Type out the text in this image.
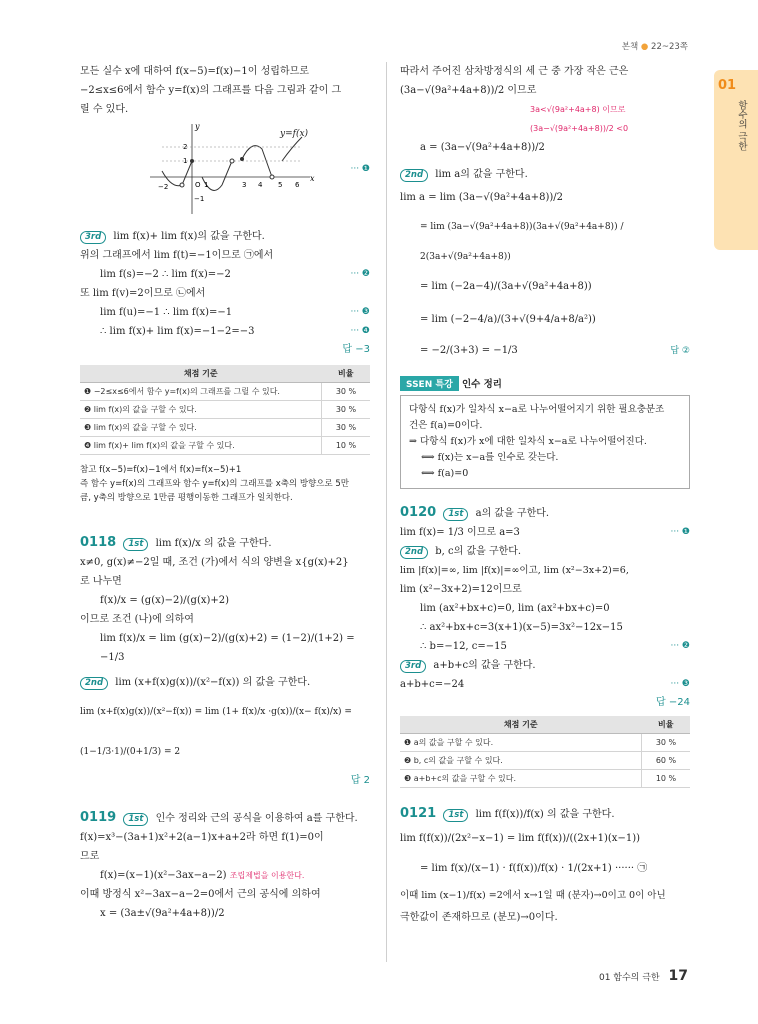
본책 ● 22~23쪽
01
함수의 극한

모든 실수 x에 대하여 f(x−5)=f(x)−1이 성립하므로

−2≤x≤6에서 함수 y=f(x)의 그래프를 다음 그림과 같이 그

릴 수 있다.

x
y
−2	O 1	3 4 5 6
2
1
−1
y=f(x)
··· ❶

3rd lim f(x)+ lim f(x)의 값을 구한다.

위의 그래프에서 lim f(t)=−1이므로 ㉠에서

··· ❷
lim f(s)=−2 ∴ lim f(x)=−2

또 lim f(v)=2이므로 ㉡에서

··· ❸
lim f(u)=−1 ∴ lim f(x)=−1

··· ❹
∴ lim f(x)+ lim f(x)=−1−2=−3

답 −3
채점 기준	비율
❶ −2≤x≤6에서 함수 y=f(x)의 그래프를 그릴 수 있다.	30 %
❷ lim f(x)의 값을 구할 수 있다.	30 %
❸ lim f(x)의 값을 구할 수 있다.	30 %
❹ lim f(x)+ lim f(x)의 값을 구할 수 있다.	10 %
참고 f(x−5)=f(x)−1에서 f(x)=f(x−5)+1
즉 함수 y=f(x)의 그래프와 함수 y=f(x)의 그래프를 x축의 방향으로 5만
큼, y축의 방향으로 1만큼 평행이동한 그래프가 일치한다.

0118 1st lim f(x)/x 의 값을 구한다.

x≠0, g(x)≠−2일 때, 조건 (가)에서 식의 양변을 x{g(x)+2}

로 나누면

f(x)/x = (g(x)−2)/(g(x)+2)

이므로 조건 (나)에 의하여

lim f(x)/x = lim (g(x)−2)/(g(x)+2) = (1−2)/(1+2) = −1/3

2nd lim (x+f(x)g(x))/(x²−f(x)) 의 값을 구한다.

lim (x+f(x)g(x))/(x²−f(x)) = lim (1+ f(x)/x ·g(x))/(x− f(x)/x) = (1−1/3·1)/(0+1/3) = 2

답 2

0119 1st 인수 정리와 근의 공식을 이용하여 a를 구한다.

f(x)=x³−(3a+1)x²+2(a−1)x+a+2라 하면 f(1)=0이

므로

f(x)=(x−1)(x²−3ax−a−2) 조립제법을 이용한다.

이때 방정식 x²−3ax−a−2=0에서 근의 공식에 의하여

x = (3a±√(9a²+4a+8))/2

따라서 주어진 삼차방정식의 세 근 중 가장 작은 근은

(3a−√(9a²+4a+8))/2 이므로

3a<√(9a²+4a+8) 이므로

(3a−√(9a²+4a+8))/2 <0

a = (3a−√(9a²+4a+8))/2

2nd lim a의 값을 구한다.

lim a = lim (3a−√(9a²+4a+8))/2

= lim (3a−√(9a²+4a+8))(3a+√(9a²+4a+8)) / 2(3a+√(9a²+4a+8))

= lim (−2a−4)/(3a+√(9a²+4a+8))

= lim (−2−4/a)/(3+√(9+4/a+8/a²))

답 ②
= −2/(3+3) = −1/3

SSEN 특강 인수 정리
다항식 f(x)가 일차식 x−a로 나누어떨어지기 위한 필요충분조
건은 f(a)=0이다.
⇒ 다항식 f(x)가 x에 대한 일차식 x−a로 나누어떨어진다.
⟺ f(x)는 x−a를 인수로 갖는다.
⟺ f(a)=0

0120 1st a의 값을 구한다.

··· ❶
lim f(x)= 1/3 이므로 a=3

2nd b, c의 값을 구한다.

lim |f(x)|=∞, lim |f(x)|=∞이고, lim (x²−3x+2)=6,

lim (x²−3x+2)=12이므로

lim (ax²+bx+c)=0, lim (ax²+bx+c)=0

∴ ax²+bx+c=3(x+1)(x−5)=3x²−12x−15

··· ❷
∴ b=−12, c=−15

3rd a+b+c의 값을 구한다.

··· ❸
a+b+c=−24

답 −24
채점 기준	비율
❶ a의 값을 구할 수 있다.	30 %
❷ b, c의 값을 구할 수 있다.	60 %
❸ a+b+c의 값을 구할 수 있다.	10 %

0121 1st lim f(f(x))/f(x) 의 값을 구한다.

lim f(f(x))/(2x²−x−1) = lim f(f(x))/((2x+1)(x−1))

= lim f(x)/(x−1) · f(f(x))/f(x) · 1/(2x+1) ······ ㉠

이때 lim (x−1)/f(x) =2에서 x→1일 때 (분자)→0이고 0이 아닌

극한값이 존재하므로 (분모)→0이다.

01 함수의 극한 17
